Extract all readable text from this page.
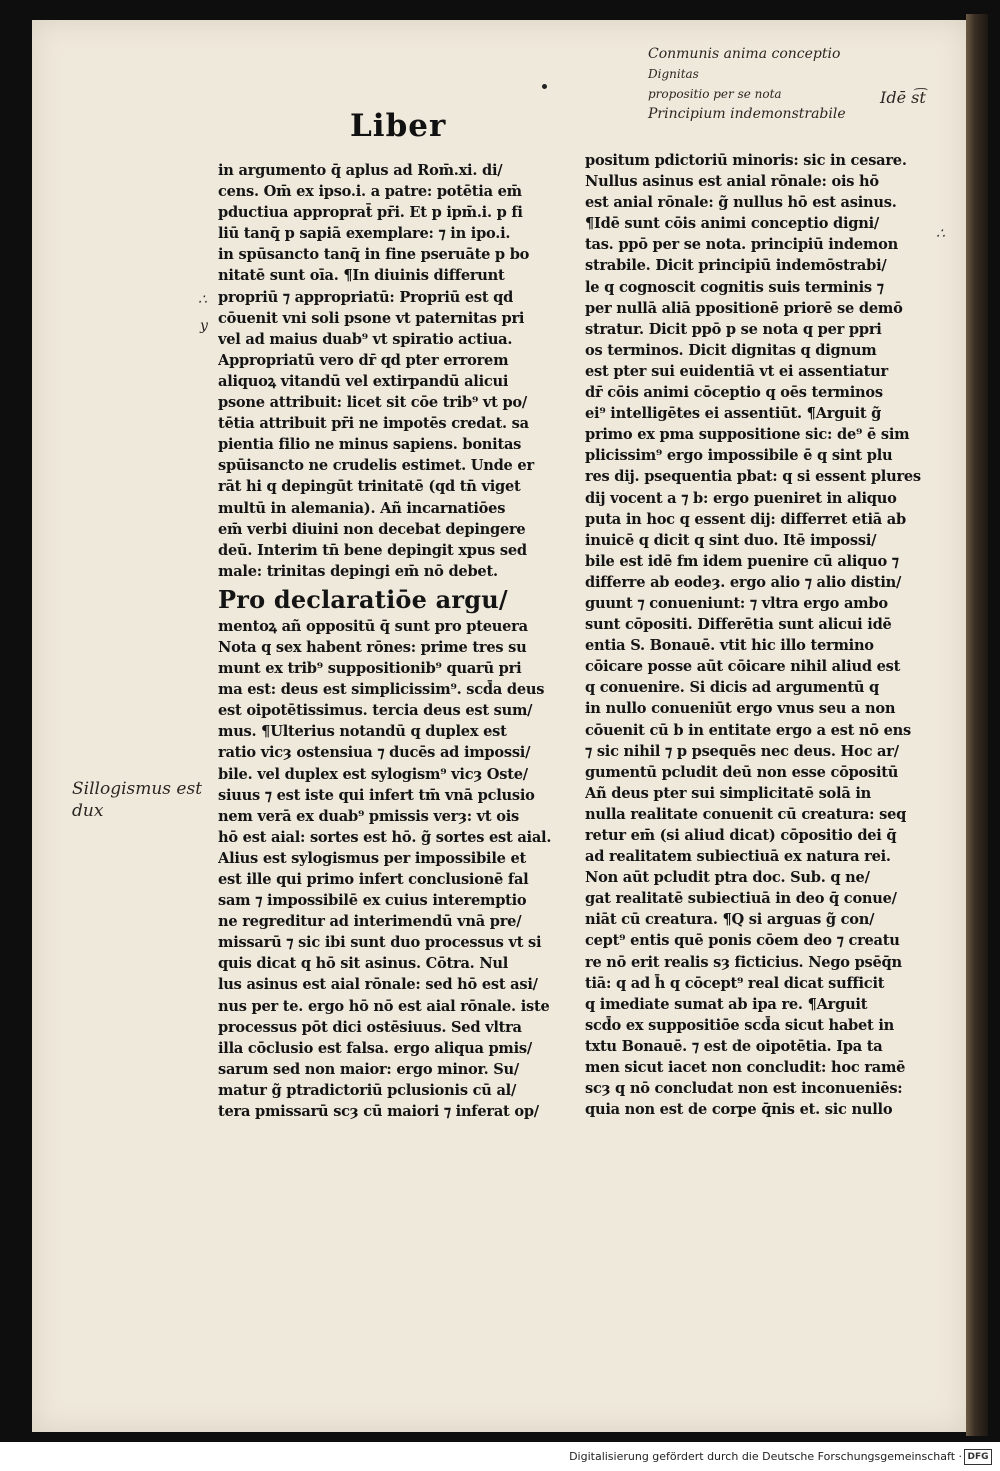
Liber
Conmunis anima conceptio
Dignitas
propositio per se nota
Principium indemonstrabile
Idē s͡t
Sillogismus est
dux
∴
y
∴
in argumento q̄ aplus ad Rom̄.xi. di/
cens. Om̄ ex ipso.i. a patre: potētia em̄
pductiua approprat̄ pr̄i. Et p ipm̄.i. p fi
liū tanq̄ p sapiā exemplare: ⁊ in ipo.i.
in spūsancto tanq̄ in fine pseruāte p bo
nitatē sunt oīa. ¶In diuinis differunt
propriū ⁊ appropriatū: Propriū est qd
cōuenit vni soli psone vt paternitas pri
vel ad maius duab⁹ vt spiratio actiua.
Appropriatū vero dr̄ qd pter errorem
aliquoꝝ vitandū vel extirpandū alicui
psone attribuit: licet sit cōe trib⁹ vt po/
tētia attribuit pr̄i ne impotēs credat. sa
pientia filio ne minus sapiens. bonitas
spūisancto ne crudelis estimet. Unde er
rāt hi q depingūt trinitatē (qd tn̄ viget
multū in alemania). Añ incarnatiōes
em̄ verbi diuini non decebat depingere
deū. Interim tn̄ bene depingit xpus sed
male: trinitas depingi em̄ nō debet.
Pro declaratiōe argu/
mentoꝝ añ oppositū q̄ sunt pro pteuera
Nota q sex habent rōnes: prime tres su
munt ex trib⁹ suppositionib⁹ quarū pri
ma est: deus est simplicissim⁹. scd̄a deus
est oipotētissimus. tercia deus est sum/
mus. ¶Ulterius notandū q duplex est
ratio vicȝ ostensiua ⁊ ducēs ad impossi/
bile. vel duplex est sylogism⁹ vicȝ Oste/
siuus ⁊ est iste qui infert tm̄ vnā pclusio
nem verā ex duab⁹ pmissis verȝ: vt ois
hō est aial: sortes est hō. g̃ sortes est aial.
Alius est sylogismus per impossibile et
est ille qui primo infert conclusionē fal
sam ⁊ impossibilē ex cuius interemptio
ne regreditur ad interimendū vnā pre/
missarū ⁊ sic ibi sunt duo processus vt si
quis dicat q hō sit asinus. Cōtra. Nul
lus asinus est aial rōnale: sed hō est asi/
nus per te. ergo hō nō est aial rōnale. iste
processus pōt dici ostēsiuus. Sed vltra
illa cōclusio est falsa. ergo aliqua pmis/
sarum sed non maior: ergo minor. Su/
matur g̃ ptradictoriū pclusionis cū al/
tera pmissarū scȝ cū maiori ⁊ inferat op/
positum pdictoriū minoris: sic in cesare.
Nullus asinus est anial rōnale: ois hō
est anial rōnale: g̃ nullus hō est asinus.
¶Idē sunt cōis animi conceptio digni/
tas. ppō per se nota. principiū indemon
strabile. Dicit principiū indemōstrabi/
le q cognoscit cognitis suis terminis ⁊
per nullā aliā ppositionē priorē se demō
stratur. Dicit ppō p se nota q per ppri
os terminos. Dicit dignitas q dignum
est pter sui euidentiā vt ei assentiatur
dr̄ cōis animi cōceptio q oēs terminos
ei⁹ intelligētes ei assentiūt. ¶Arguit g̃
primo ex pma suppositione sic: de⁹ ē sim
plicissim⁹ ergo impossibile ē q sint plu
res dij. psequentia pbat: q si essent plures
dij vocent a ⁊ b: ergo pueniret in aliquo
puta in hoc q essent dij: differret etiā ab
inuicē q dicit q sint duo. Itē impossi/
bile est idē fm idem puenire cū aliquo ⁊
differre ab eodeȝ. ergo alio ⁊ alio distin/
guunt ⁊ conueniunt: ⁊ vltra ergo ambo
sunt cōpositi. Differētia sunt alicui idē
entia S. Bonauē. vtit hic illo termino
cōicare posse aūt cōicare nihil aliud est
q conuenire. Si dicis ad argumentū q
in nullo conueniūt ergo vnus seu a non
cōuenit cū b in entitate ergo a est nō ens
⁊ sic nihil ⁊ p psequēs nec deus. Hoc ar/
gumentū pcludit deū non esse cōpositū
Añ deus pter sui simplicitatē solā in
nulla realitate conuenit cū creatura: seq
retur em̄ (si aliud dicat) cōpositio dei q̄
ad realitatem subiectiuā ex natura rei.
Non aūt pcludit ptra doc. Sub. q ne/
gat realitatē subiectiuā in deo q̄ conue/
niāt cū creatura. ¶Q si arguas g̃ con/
cept⁹ entis quē ponis cōem deo ⁊ creatu
re nō erit realis sȝ ficticius. Nego psēq̄n
tiā: q ad h̄ q cōcept⁹ real dicat sufficit
q imediate sumat ab ipa re. ¶Arguit
scd̄o ex suppositiōe scd̄a sicut habet in
txtu Bonauē. ⁊ est de oipotētia. Ipa ta
men sicut iacet non concludit: hoc ramē
scȝ q nō concludat non est inconueniēs:
quia non est de corpe q̄nis et. sic nullo
Digitalisierung gefördert durch die Deutsche Forschungsgemeinschaft · DFG
